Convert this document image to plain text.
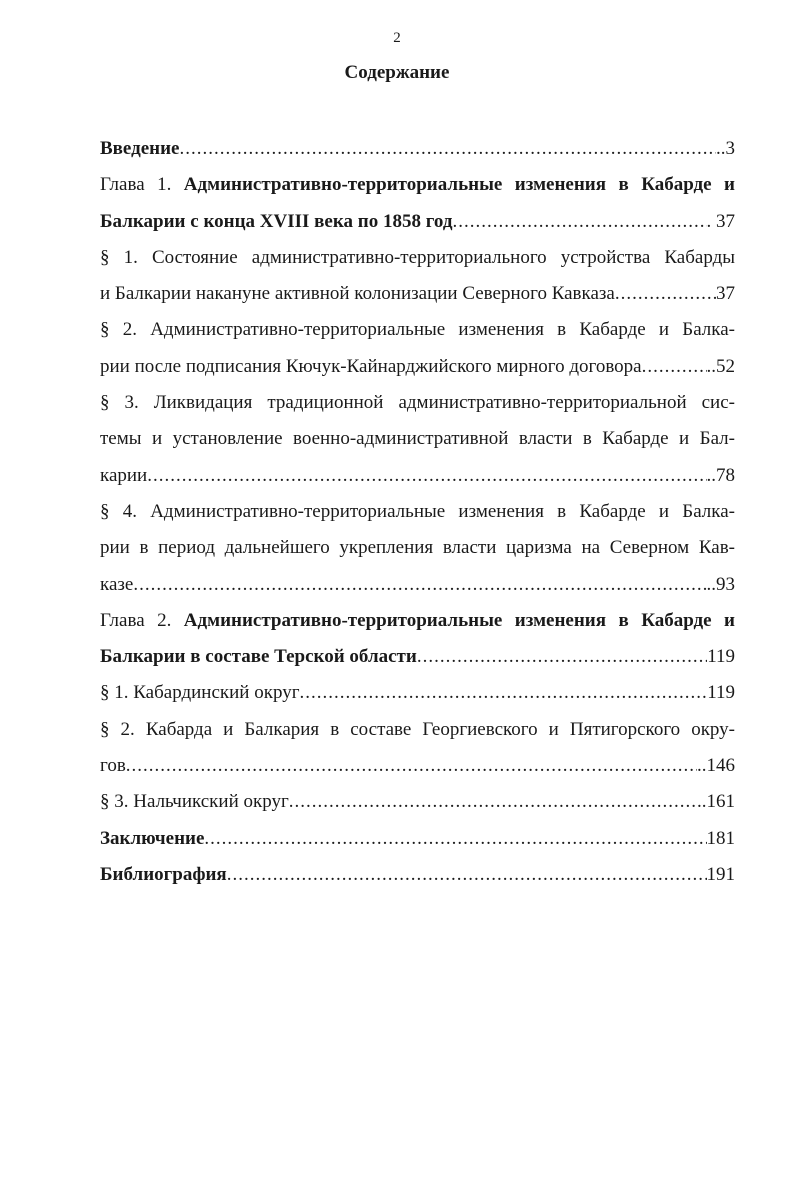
2
Содержание
Введение .....	..3
Глава 1. Административно-территориальные изменения в Кабарде и
Балкарии с конца XVIII века по 1858 год .....	. 37
§ 1. Состояние административно-территориального устройства Кабарды
и Балкарии накануне активной колонизации Северного Кавказа .....	37
§ 2. Административно-территориальные изменения в Кабарде и Балка-
рии после подписания Кючук-Кайнарджийского мирного договора .....	..52
§ 3. Ликвидация традиционной административно-территориальной сис-
темы и установление военно-административной власти в Кабарде и Бал-
карии .....	..78
§ 4. Административно-территориальные изменения в Кабарде и Балка-
рии в период дальнейшего укрепления власти царизма на Северном Кав-
казе .....	..93
Глава 2. Административно-территориальные изменения в Кабарде и
Балкарии в составе Терской области .....	119
§ 1. Кабардинский округ .....	119
§ 2. Кабарда и Балкария в составе Георгиевского и Пятигорского окру-
гов .....	..146
§ 3. Нальчикский округ .....	..161
Заключение .....	181
Библиография .....	191
